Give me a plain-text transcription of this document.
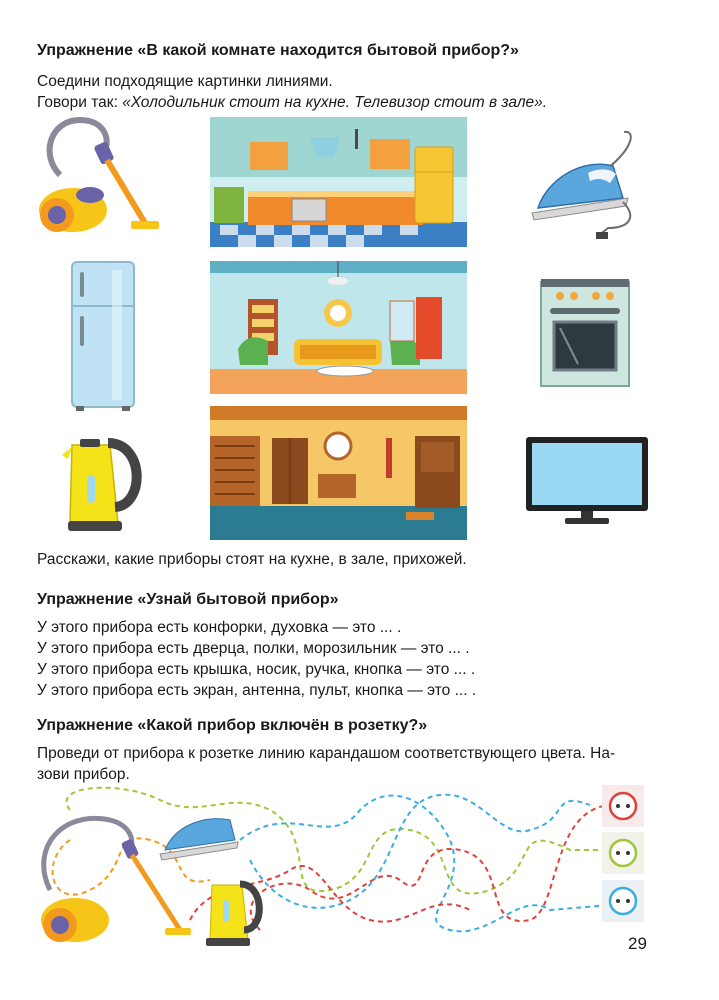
Упражнение «В какой комнате находится бытовой прибор?»
Соедини подходящие картинки линиями.
Говори так: «Холодильник стоит на кухне. Телевизор стоит в зале».
Расскажи, какие приборы стоят на кухне, в зале, прихожей.
Упражнение «Узнай бытовой прибор»
У этого прибора есть конфорки, духовка — это ... .
У этого прибора есть дверца, полки, морозильник — это ... .
У этого прибора есть крышка, носик, ручка, кнопка — это ... .
У этого прибора есть экран, антенна, пульт, кнопка — это ... .
Упражнение «Какой прибор включён в розетку?»
Проведи от прибора к розетке линию карандашом соответствующего цвета. На-
зови прибор.
29
